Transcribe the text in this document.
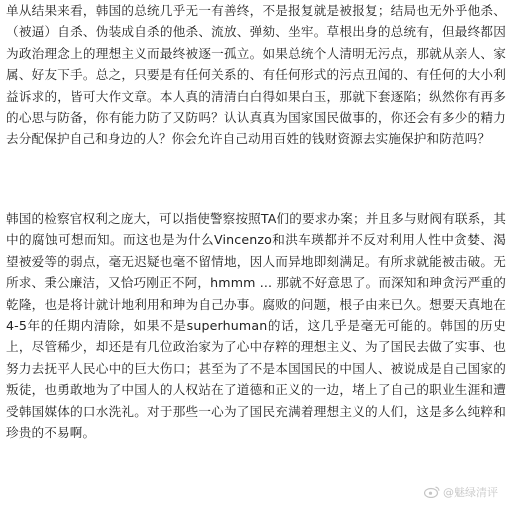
单从结果来看，韩国的总统几乎无一有善终，不是报复就是被报复；结局也无外乎他杀、（被逼）自杀、伪装成自杀的他杀、流放、弹劾、坐牢。草根出身的总统有，但最终都因为政治理念上的理想主义而最终被逐一孤立。如果总统个人清明无污点，那就从亲人、家属、好友下手。总之，只要是有任何关系的、有任何形式的污点丑闻的、有任何的大小利益诉求的，皆可大作文章。本人真的清清白白得如果白玉，那就下套逐陷；纵然你有再多的心思与防备，你有能力防了又防吗？认认真真为国家国民做事的，你还会有多少的精力去分配保护自己和身边的人？你会允许自己动用百姓的钱财资源去实施保护和防范吗？

韩国的检察官权利之庞大，可以指使警察按照TA们的要求办案；并且多与财阀有联系，其中的腐蚀可想而知。而这也是为什么Vincenzo和洪车瑛都并不反对利用人性中贪婪、渴望被爱等的弱点，毫无迟疑也毫不留情地，因人而异地即刻满足。有所求就能被击破。无所求、秉公廉洁，又恰巧刚正不阿，hmmm ... 那就不好意思了。而深知和珅贪污严重的乾隆，也是将计就计地利用和珅为自己办事。腐败的问题，根子由来已久。想要天真地在4-5年的任期内清除，如果不是superhuman的话，这几乎是毫无可能的。韩国的历史上，尽管稀少，却还是有几位政治家为了心中存粹的理想主义、为了国民去做了实事、也努力去抚平人民心中的巨大伤口；甚至为了不是本国国民的中国人、被说成是自己国家的叛徒，也勇敢地为了中国人的人权站在了道德和正义的一边，堵上了自己的职业生涯和遭受韩国媒体的口水洗礼。对于那些一心为了国民充满着理想主义的人们，这是多么纯粹和珍贵的不易啊。

@魅绿清评
